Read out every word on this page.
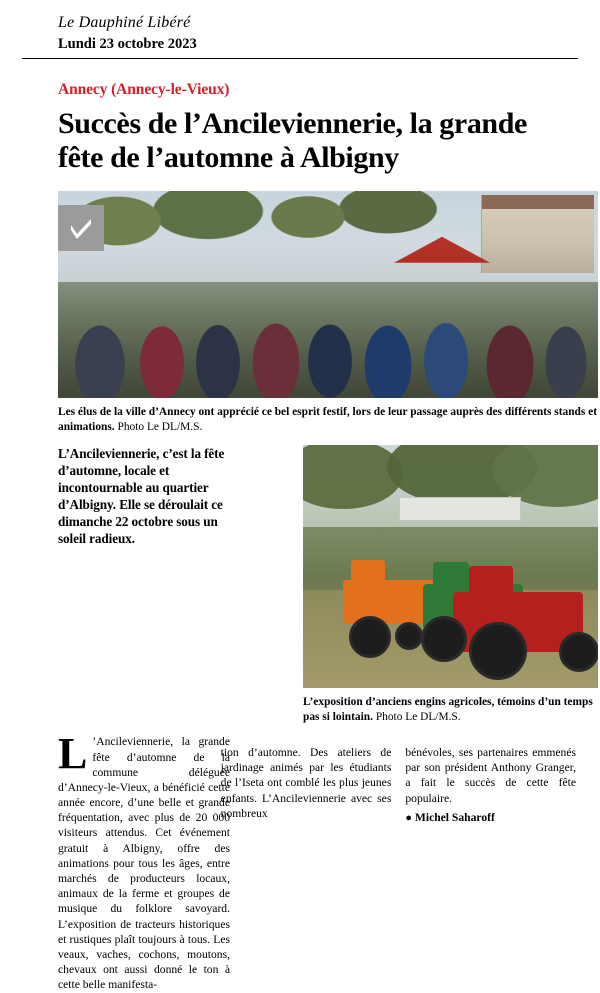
Le Dauphiné Libéré
Lundi 23 octobre 2023
Annecy (Annecy-le-Vieux)
Succès de l’Ancileviennerie, la grande fête de l’automne à Albigny
Les élus de la ville d’Annecy ont apprécié ce bel esprit festif, lors de leur passage auprès des différents stands et animations. Photo Le DL/M.S.
L’Ancileviennerie, c’est la fête d’automne, locale et incontournable au quartier d’Albigny. Elle se déroulait ce dimanche 22 octobre sous un soleil radieux.
L’exposition d’anciens engins agricoles, témoins d’un temps pas si lointain. Photo Le DL/M.S.
L ’Ancileviennerie, la grande fête d’automne de la commune déléguée d’Annecy-le-Vieux, a bénéficié cette année encore, d’une belle et grande fréquentation, avec plus de 20 000 visiteurs attendus. Cet événement gratuit à Albigny, offre des animations pour tous les âges, entre marchés de producteurs locaux, animaux de la ferme et groupes de musique du folklore savoyard. L’exposition de tracteurs historiques et rustiques plaît toujours à tous. Les veaux, vaches, cochons, moutons, chevaux ont aussi donné le ton à cette belle manifesta-
tion d’automne. Des ateliers de jardinage animés par les étudiants de l’Iseta ont comblé les plus jeunes enfants. L’Ancileviennerie avec ses nombreux
bénévoles, ses partenaires emmenés par son président Anthony Granger, a fait le succès de cette fête populaire.
● Michel Saharoff
